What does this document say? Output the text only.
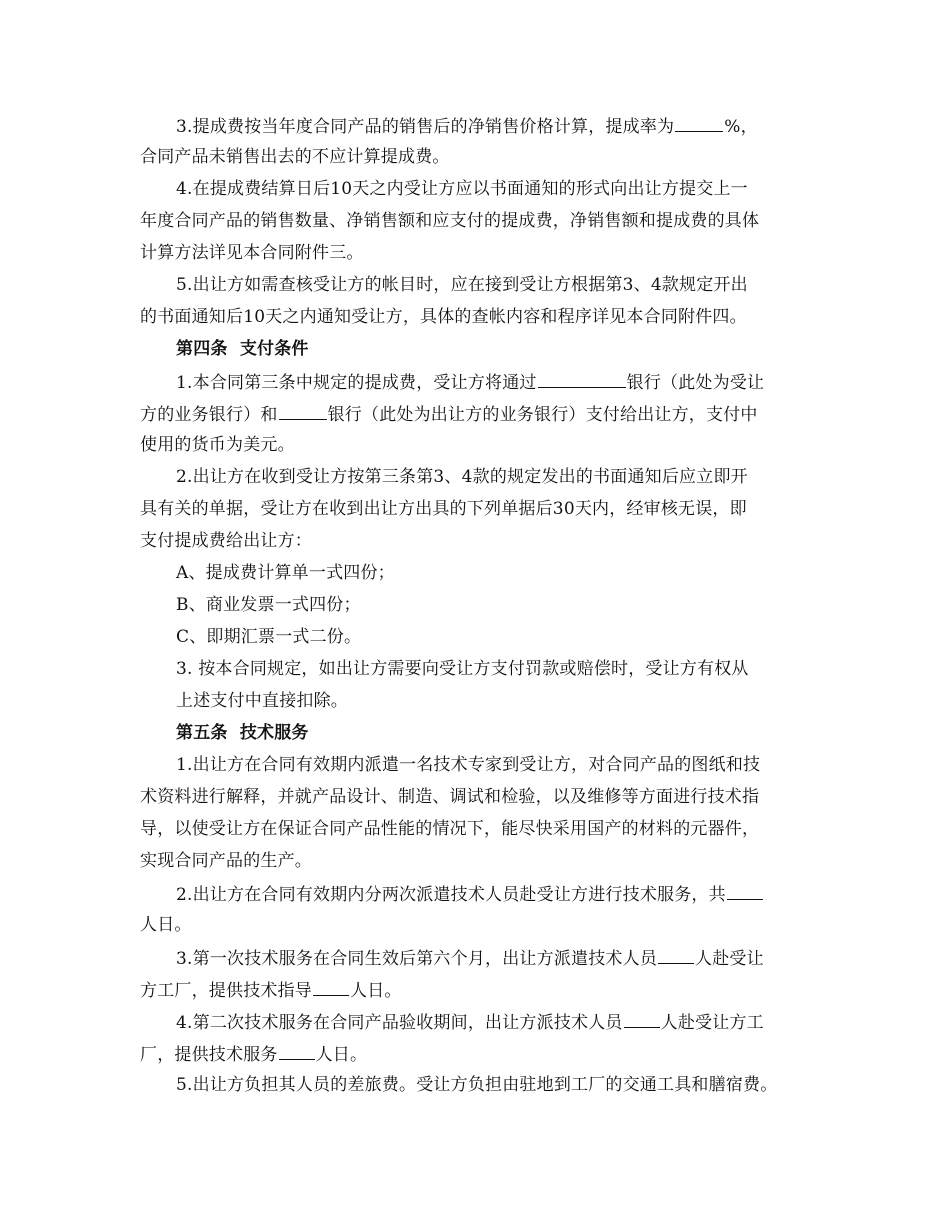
3.提成费按当年度合同产品的销售后的净销售价格计算，提成率为	%，
合同产品未销售出去的不应计算提成费。
4.在提成费结算日后10天之内受让方应以书面通知的形式向出让方提交上一
年度合同产品的销售数量、净销售额和应支付的提成费，净销售额和提成费的具体
计算方法详见本合同附件三。
5.出让方如需查核受让方的帐目时，应在接到受让方根据第3、4款规定开出
的书面通知后10天之内通知受让方，具体的查帐内容和程序详见本合同附件四。
第四条  支付条件
1.本合同第三条中规定的提成费，受让方将通过	银行（此处为受让
方的业务银行）和	银行（此处为出让方的业务银行）支付给出让方，支付中
使用的货币为美元。
2.出让方在收到受让方按第三条第3、4款的规定发出的书面通知后应立即开
具有关的单据，受让方在收到出让方出具的下列单据后30天内，经审核无误，即
支付提成费给出让方：
A、提成费计算单一式四份；
B、商业发票一式四份；
C、即期汇票一式二份。
3. 按本合同规定，如出让方需要向受让方支付罚款或赔偿时，受让方有权从
上述支付中直接扣除。
第五条  技术服务
1.出让方在合同有效期内派遣一名技术专家到受让方，对合同产品的图纸和技
术资料进行解释，并就产品设计、制造、调试和检验，以及维修等方面进行技术指
导，以使受让方在保证合同产品性能的情况下，能尽快采用国产的材料的元器件，
实现合同产品的生产。
2.出让方在合同有效期内分两次派遣技术人员赴受让方进行技术服务，共
人日。
3.第一次技术服务在合同生效后第六个月，出让方派遣技术人员 人赴受让
方工厂，提供技术指导 人日。
4.第二次技术服务在合同产品验收期间，出让方派技术人员 人赴受让方工
厂，提供技术服务 人日。
5.出让方负担其人员的差旅费。受让方负担由驻地到工厂的交通工具和膳宿费。
